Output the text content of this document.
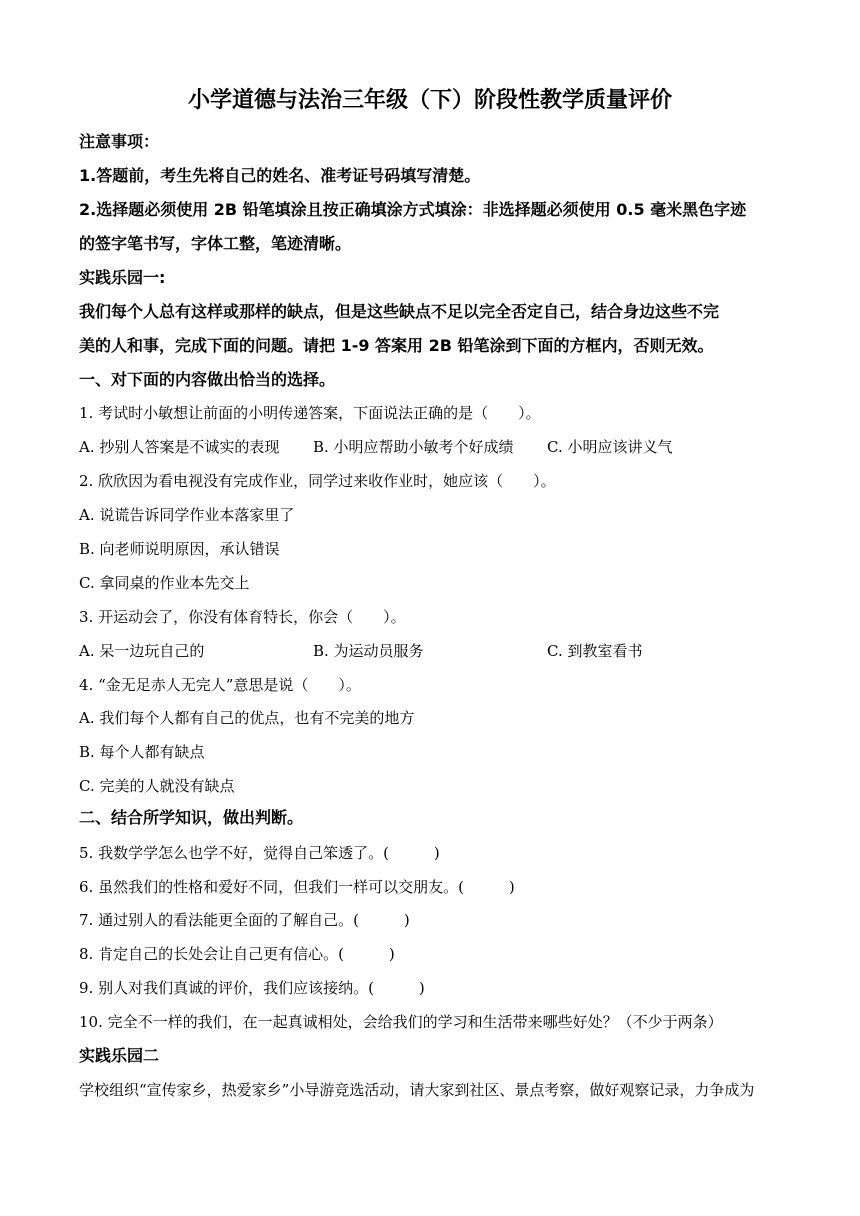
小学道德与法治三年级（下）阶段性教学质量评价
注意事项：
1.答题前，考生先将自己的姓名、准考证号码填写清楚。
2.选择题必须使用 2B 铅笔填涂且按正确填涂方式填涂：非选择题必须使用 0.5 毫米黑色字迹
的签字笔书写，字体工整，笔迹清晰。
实践乐园一:
我们每个人总有这样或那样的缺点，但是这些缺点不足以完全否定自己，结合身边这些不完
美的人和事，完成下面的问题。请把 1-9 答案用 2B 铅笔涂到下面的方框内，否则无效。
一、对下面的内容做出恰当的选择。
1. 考试时小敏想让前面的小明传递答案，下面说法正确的是（　　）。
A. 抄别人答案是不诚实的表现 B. 小明应帮助小敏考个好成绩 C. 小明应该讲义气
2. 欣欣因为看电视没有完成作业，同学过来收作业时，她应该（　　）。
A. 说谎告诉同学作业本落家里了
B. 向老师说明原因，承认错误
C. 拿同桌的作业本先交上
3. 开运动会了，你没有体育特长，你会（　　）。
A. 呆一边玩自己的	B. 为运动员服务	C. 到教室看书
4. “金无足赤人无完人”意思是说（　　）。
A. 我们每个人都有自己的优点，也有不完美的地方
B. 每个人都有缺点
C. 完美的人就没有缺点
二、结合所学知识，做出判断。
5. 我数学学怎么也学不好，觉得自己笨透了。(　　　)
6. 虽然我们的性格和爱好不同，但我们一样可以交朋友。(　　　)
7. 通过别人的看法能更全面的了解自己。(　　　)
8. 肯定自己的长处会让自己更有信心。(　　　)
9. 别人对我们真诚的评价，我们应该接纳。(　　　)
10. 完全不一样的我们，在一起真诚相处，会给我们的学习和生活带来哪些好处？（不少于两条）
实践乐园二
学校组织“宣传家乡，热爱家乡”小导游竞选活动，请大家到社区、景点考察，做好观察记录，力争成为
